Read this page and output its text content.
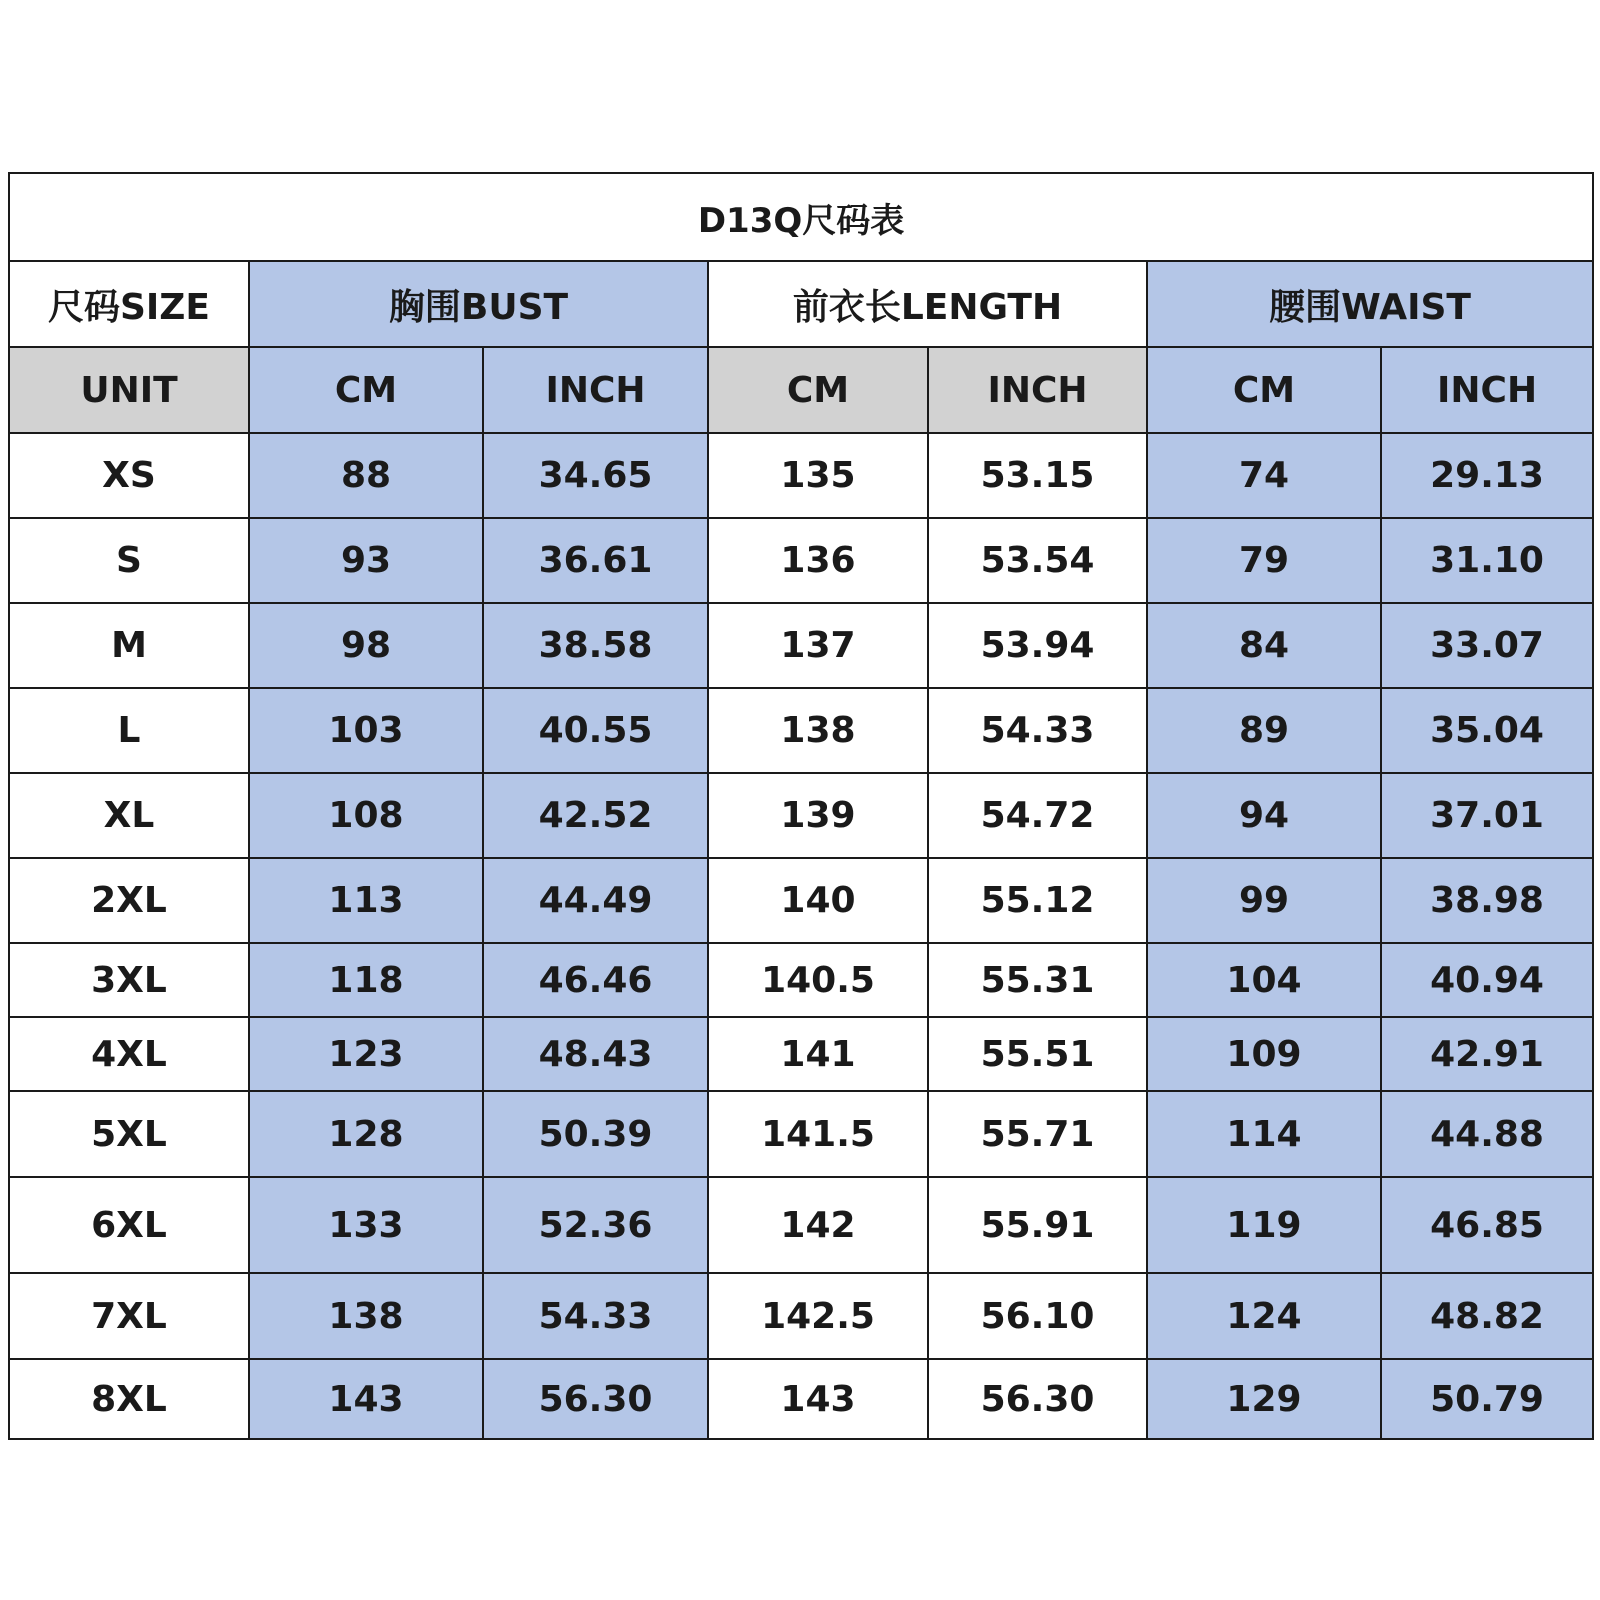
D13Q尺码表						
尺码SIZE	胸围BUST		前衣长LENGTH		腰围WAIST	
UNIT	CM	INCH	CM	INCH	CM	INCH
XS	88	34.65	135	53.15	74	29.13
S	93	36.61	136	53.54	79	31.10
M	98	38.58	137	53.94	84	33.07
L	103	40.55	138	54.33	89	35.04
XL	108	42.52	139	54.72	94	37.01
2XL	113	44.49	140	55.12	99	38.98
3XL	118	46.46	140.5	55.31	104	40.94
4XL	123	48.43	141	55.51	109	42.91
5XL	128	50.39	141.5	55.71	114	44.88
6XL	133	52.36	142	55.91	119	46.85
7XL	138	54.33	142.5	56.10	124	48.82
8XL	143	56.30	143	56.30	129	50.79
